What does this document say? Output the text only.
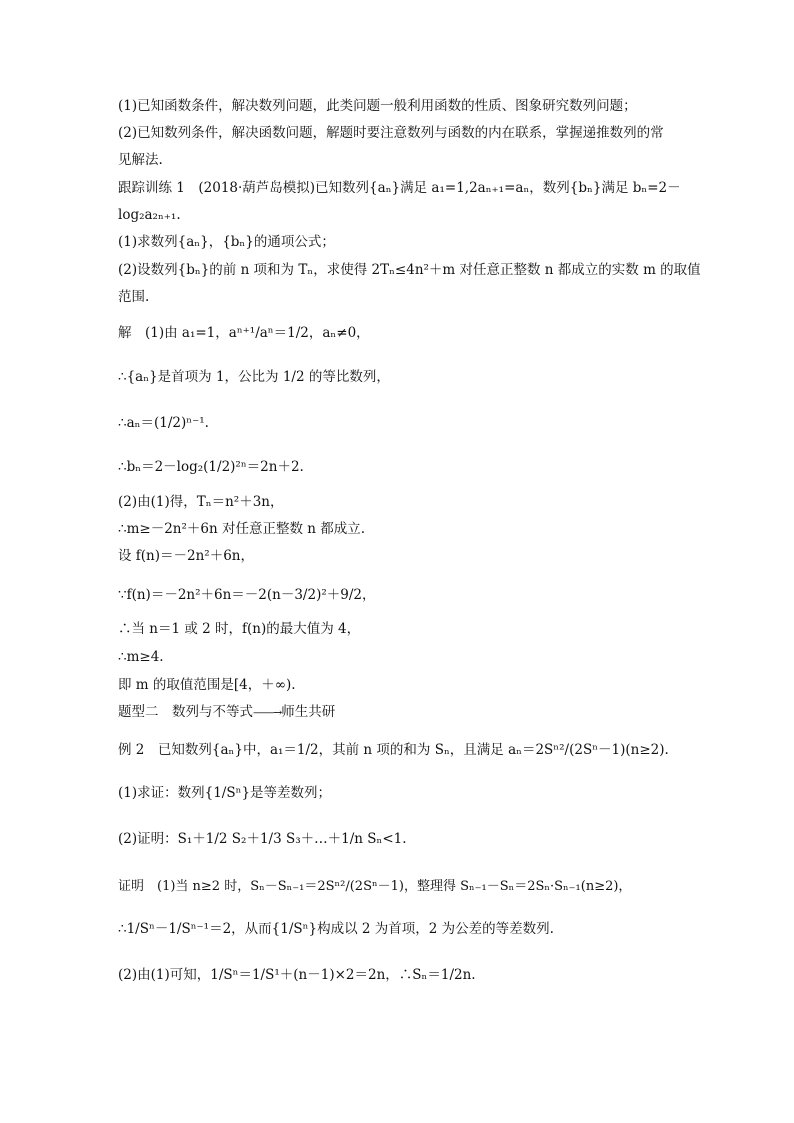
(1)已知函数条件，解决数列问题，此类问题一般利用函数的性质、图象研究数列问题；
(2)已知数列条件，解决函数问题，解题时要注意数列与函数的内在联系，掌握递推数列的常
见解法.
跟踪训练 1　(2018·葫芦岛模拟)已知数列{aₙ}满足 a₁=1,2aₙ₊₁=aₙ，数列{bₙ}满足 bₙ=2－
log₂a₂ₙ₊₁.
(1)求数列{aₙ}，{bₙ}的通项公式；
(2)设数列{bₙ}的前 n 项和为 Tₙ，求使得 2Tₙ≤4n²＋m 对任意正整数 n 都成立的实数 m 的取值
范围.
解　(1)由 a₁=1，aⁿ⁺¹/aⁿ＝1/2，aₙ≠0，
∴{aₙ}是首项为 1，公比为 1/2 的等比数列，
∴aₙ＝(1/2)ⁿ⁻¹.
∴bₙ＝2－log₂(1/2)²ⁿ＝2n＋2.
(2)由(1)得，Tₙ＝n²＋3n，
∴m≥－2n²＋6n 对任意正整数 n 都成立.
设 f(n)＝－2n²＋6n，
∵f(n)＝－2n²＋6n＝－2(n－3/2)²＋9/2，
∴当 n＝1 或 2 时，f(n)的最大值为 4，
∴m≥4.
即 m 的取值范围是[4，＋∞).
题型二　数列与不等式——→师生共研
例 2　已知数列{aₙ}中，a₁＝1/2，其前 n 项的和为 Sₙ，且满足 aₙ＝2Sⁿ²/(2Sⁿ－1)(n≥2).
(1)求证：数列{1/Sⁿ}是等差数列；
(2)证明：S₁＋1/2 S₂＋1/3 S₃＋…＋1/n Sₙ<1.
证明　(1)当 n≥2 时，Sₙ－Sₙ₋₁＝2Sⁿ²/(2Sⁿ－1)，整理得 Sₙ₋₁－Sₙ＝2Sₙ·Sₙ₋₁(n≥2)，
∴1/Sⁿ－1/Sⁿ⁻¹＝2，从而{1/Sⁿ}构成以 2 为首项，2 为公差的等差数列.
(2)由(1)可知，1/Sⁿ＝1/S¹＋(n－1)×2＝2n，∴Sₙ＝1/2n.
